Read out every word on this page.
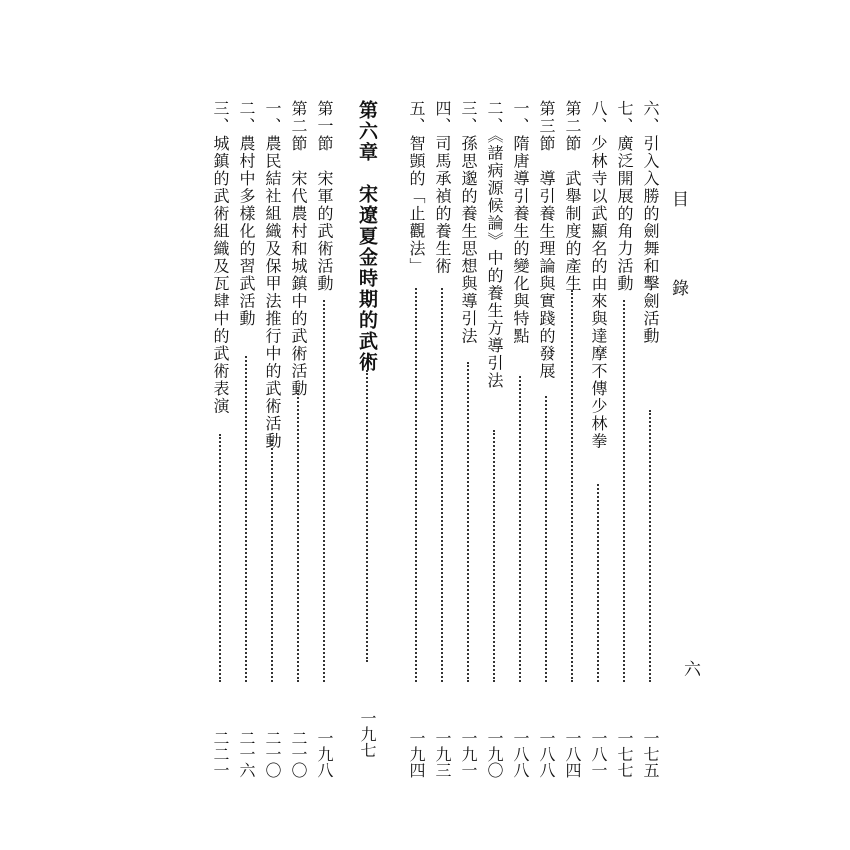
目 錄
六
六、引入入勝的劍舞和擊劍活動
一七五
七、廣泛開展的角力活動
一七七
八、少林寺以武顯名的由來與達摩不傳少林拳
一八一
第二節　武舉制度的產生
一八四
第三節　導引養生理論與實踐的發展
一八八
一、隋唐導引養生的變化與特點
一八八
二、《諸病源候論》中的養生方導引法
一九〇
三、孫思邈的養生思想與導引法
一九一
四、司馬承禎的養生術
一九三
五、智顗的「止觀法」
一九四
第六章　宋遼夏金時期的武術
一九七
第一節　宋軍的武術活動
一九八
第二節　宋代農村和城鎮中的武術活動
二一〇
一、農民結社組織及保甲法推行中的武術活動
二一〇
二、農村中多樣化的習武活動
二一六
三、城鎮的武術組織及瓦肆中的武術表演
二二一
